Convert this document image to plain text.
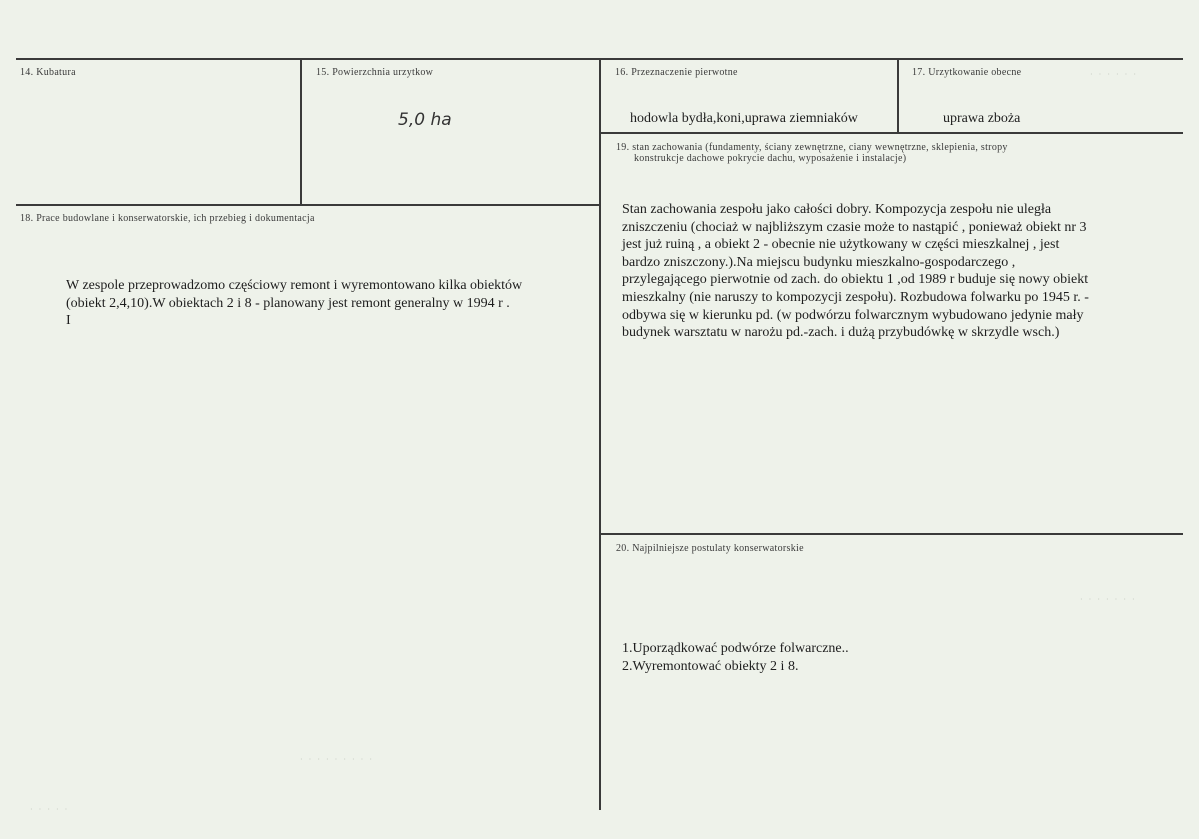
14. Kubatura	15. Powierzchnia urzytkow
5,0 ha
16. Przeznaczenie pierwotne
hodowla bydła,koni,uprawa ziemniaków
17. Urzytkowanie obecne
uprawa zboża
18. Prace budowlane i konserwatorskie, ich przebieg i dokumentacja
W zespole przeprowadzomo częściowy remont i wyremontowano kilka obiektów
(obiekt 2,4,10).W obiektach 2 i 8 - planowany jest remont generalny w 1994 r .
I
19. stan zachowania (fundamenty, ściany zewnętrzne, ciany wewnętrzne, sklepienia, stropy
konstrukcje dachowe pokrycie dachu, wyposażenie i instalacje)
Stan zachowania zespołu jako całości dobry. Kompozycja zespołu nie uległa
zniszczeniu (chociaż w najbliższym czasie może to nastąpić , ponieważ obiekt nr 3
jest już ruiną , a obiekt 2 - obecnie nie użytkowany w części mieszkalnej , jest
bardzo zniszczony.).Na miejscu budynku mieszkalno-gospodarczego ,
przylegającego pierwotnie od zach. do obiektu 1 ,od 1989 r buduje się nowy obiekt
mieszkalny (nie naruszy to kompozycji zespołu). Rozbudowa folwarku po 1945 r. -
odbywa się w kierunku pd. (w podwórzu folwarcznym wybudowano jedynie mały
budynek warsztatu w narożu pd.-zach. i dużą przybudówkę w skrzydle wsch.)
20. Najpilniejsze postulaty konserwatorskie
1.Uporządkować podwórze folwarczne..
2.Wyremontować obiekty 2 i 8.
· · · · · ·
· · · · · · ·
· · · · · · · · ·
· · · · ·
